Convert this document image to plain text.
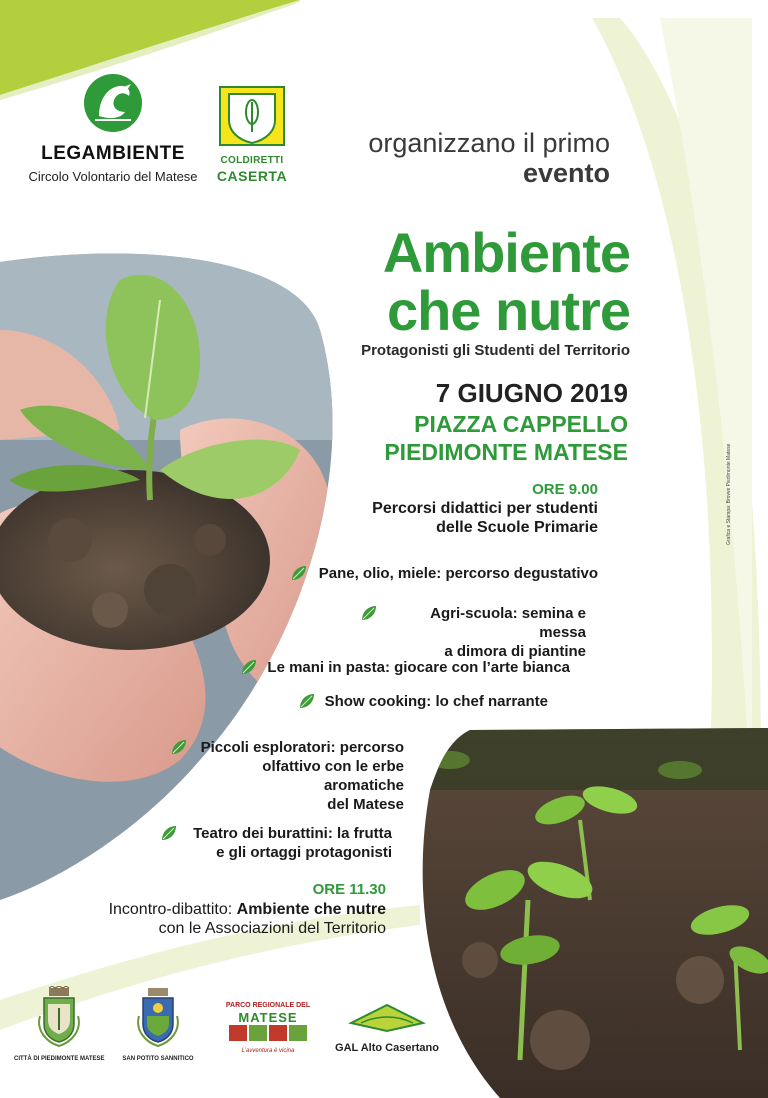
LEGAMBIENTE
Circolo Volontario del Matese
COLDIRETTI
CASERTA
organizzano il primo
evento
Ambiente
che nutre
Protagonisti gli Studenti del Territorio
7 GIUGNO 2019
PIAZZA CAPPELLO
PIEDIMONTE MATESE
ORE 9.00
Percorsi didattici per studenti
delle Scuole Primarie
Pane, olio, miele: percorso degustativo
Agri-scuola: semina e messa
a dimora di piantine
Le mani in pasta: giocare con l’arte bianca
Show cooking: lo chef narrante
Piccoli esploratori: percorso
olfattivo con le erbe aromatiche
del Matese
Teatro dei burattini: la frutta
e gli ortaggi protagonisti
ORE 11.30
Incontro-dibattito: Ambiente che nutre
con le Associazioni del Territorio
Grafica e Stampa: Brovve Piedimonte Matese
CITTÀ DI PIEDIMONTE MATESE	SAN POTITO SANNITICO
PARCO REGIONALE DEL
MATESE
L’avventura è vicina	GAL Alto Casertano
